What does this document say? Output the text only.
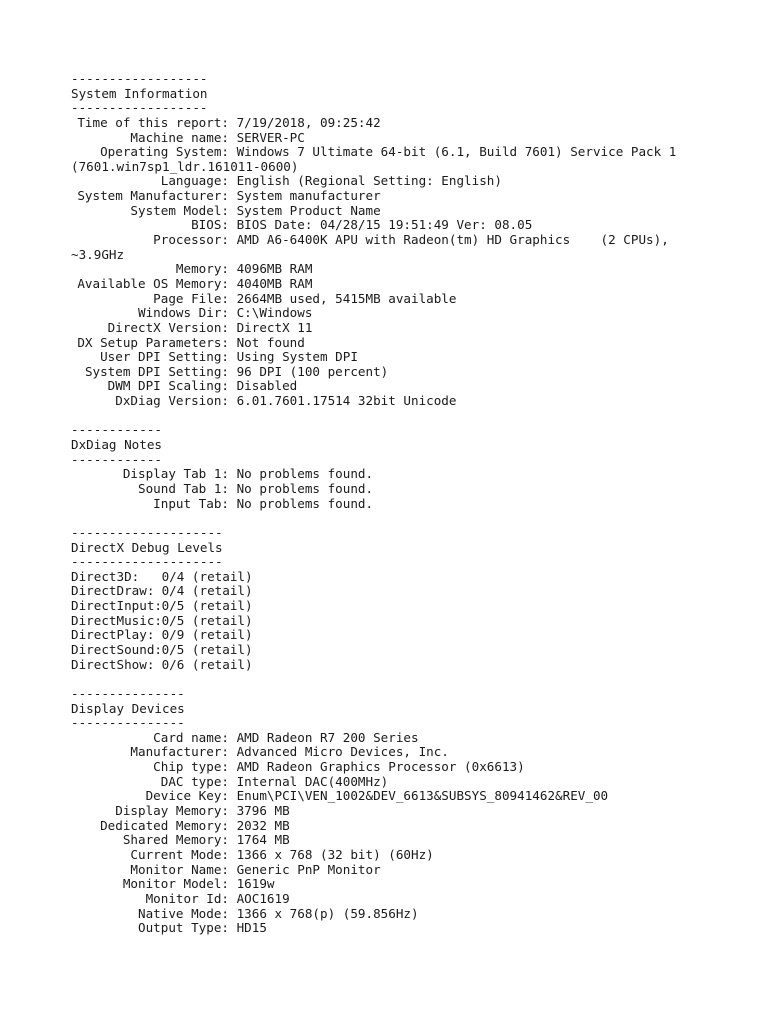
------------------
System Information
------------------
Time of this report: 7/19/2018, 09:25:42
Machine name: SERVER-PC
Operating System: Windows 7 Ultimate 64-bit (6.1, Build 7601) Service Pack 1
(7601.win7sp1_ldr.161011-0600)
Language: English (Regional Setting: English)
System Manufacturer: System manufacturer
System Model: System Product Name
BIOS: BIOS Date: 04/28/15 19:51:49 Ver: 08.05
Processor: AMD A6-6400K APU with Radeon(tm) HD Graphics    (2 CPUs),
~3.9GHz
Memory: 4096MB RAM
Available OS Memory: 4040MB RAM
Page File: 2664MB used, 5415MB available
Windows Dir: C:\Windows
DirectX Version: DirectX 11
DX Setup Parameters: Not found
User DPI Setting: Using System DPI
System DPI Setting: 96 DPI (100 percent)
DWM DPI Scaling: Disabled
DxDiag Version: 6.01.7601.17514 32bit Unicode
------------
DxDiag Notes
------------
Display Tab 1: No problems found.
Sound Tab 1: No problems found.
Input Tab: No problems found.
--------------------
DirectX Debug Levels
--------------------
Direct3D:	0/4 (retail)
DirectDraw: 0/4 (retail)
DirectInput: 0/5 (retail)
DirectMusic: 0/5 (retail)
DirectPlay: 0/9 (retail)
DirectSound: 0/5 (retail)
DirectShow: 0/6 (retail)
---------------
Display Devices
---------------
Card name: AMD Radeon R7 200 Series
Manufacturer: Advanced Micro Devices, Inc.
Chip type: AMD Radeon Graphics Processor (0x6613)
DAC type: Internal DAC(400MHz)
Device Key: Enum\PCI\VEN_1002&DEV_6613&SUBSYS_80941462&REV_00
Display Memory: 3796 MB
Dedicated Memory: 2032 MB
Shared Memory: 1764 MB
Current Mode: 1366 x 768 (32 bit) (60Hz)
Monitor Name: Generic PnP Monitor
Monitor Model: 1619w
Monitor Id: AOC1619
Native Mode: 1366 x 768(p) (59.856Hz)
Output Type: HD15
